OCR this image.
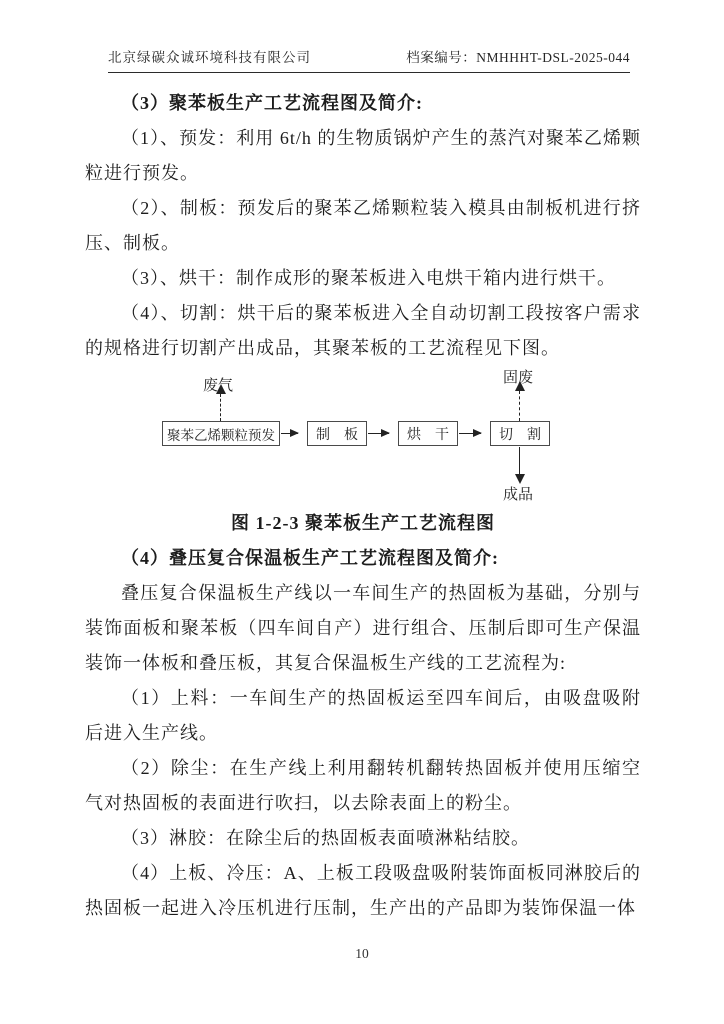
北京绿碳众诚环境科技有限公司	档案编号：NMHHHT-DSL-2025-044

（3）聚苯板生产工艺流程图及简介:

（1）、预发：利用 6t/h 的生物质锅炉产生的蒸汽对聚苯乙烯颗粒进行预发。

（2）、制板：预发后的聚苯乙烯颗粒装入模具由制板机进行挤压、制板。

（3）、烘干：制作成形的聚苯板进入电烘干箱内进行烘干。

（4）、切割：烘干后的聚苯板进入全自动切割工段按客户需求的规格进行切割产出成品，其聚苯板的工艺流程见下图。

废气	固废
成品
聚苯乙烯颗粒预发	制　板	烘　干	切　割

图 1-2-3 聚苯板生产工艺流程图

（4）叠压复合保温板生产工艺流程图及简介:

叠压复合保温板生产线以一车间生产的热固板为基础，分别与装饰面板和聚苯板（四车间自产）进行组合、压制后即可生产保温装饰一体板和叠压板，其复合保温板生产线的工艺流程为:

（1）上料：一车间生产的热固板运至四车间后，由吸盘吸附后进入生产线。

（2）除尘：在生产线上利用翻转机翻转热固板并使用压缩空气对热固板的表面进行吹扫，以去除表面上的粉尘。

（3）淋胶：在除尘后的热固板表面喷淋粘结胶。

（4）上板、冷压：A、上板工段吸盘吸附装饰面板同淋胶后的热固板一起进入冷压机进行压制，生产出的产品即为装饰保温一体

10
